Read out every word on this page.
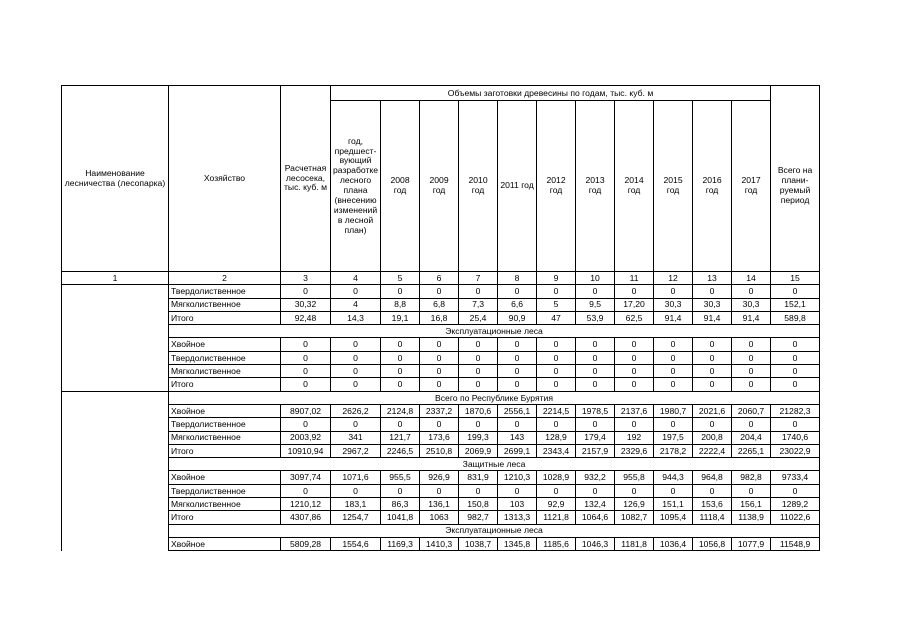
Наименование лесничества (лесопарка)	Хозяйство	Расчетная лесосека, тыс. куб. м	Объемы заготовки древесины по годам, тыс. куб. м											
			год, предшест-вующий разработке лесного плана (внесению изменений в лесной план)	2008 год	2009 год	2010 год	2011 год	2012 год	2013 год	2014 год	2015 год	2016 год	2017 год	Всего на плани-руемый период
1	2	3	4	5	6	7	8	9	10	11	12	13	14	15
	Твердолиственное	0	0	0	0	0	0	0	0	0	0	0	0	0
	Мягколиственное	30,32	4	8,8	6,8	7,3	6,6	5	9,5	17,20	30,3	30,3	30,3	152,1
	Итого	92,48	14,3	19,1	16,8	25,4	90,9	47	53,9	62,5	91,4	91,4	91,4	589,8
	Эксплуатационные леса													
	Хвойное	0	0	0	0	0	0	0	0	0	0	0	0	0
	Твердолиственное	0	0	0	0	0	0	0	0	0	0	0	0	0
	Мягколиственное	0	0	0	0	0	0	0	0	0	0	0	0	0
	Итого	0	0	0	0	0	0	0	0	0	0	0	0	0
	Всего по Республике Бурятия													
	Хвойное	8907,02	2626,2	2124,8	2337,2	1870,6	2556,1	2214,5	1978,5	2137,6	1980,7	2021,6	2060,7	21282,3
	Твердолиственное	0	0	0	0	0	0	0	0	0	0	0	0	0
	Мягколиственное	2003,92	341	121,7	173,6	199,3	143	128,9	179,4	192	197,5	200,8	204,4	1740,6
	Итого	10910,94	2967,2	2246,5	2510,8	2069,9	2699,1	2343,4	2157,9	2329,6	2178,2	2222,4	2265,1	23022,9
	Защитные леса													
	Хвойное	3097,74	1071,6	955,5	926,9	831,9	1210,3	1028,9	932,2	955,8	944,3	964,8	982,8	9733,4
	Твердолиственное	0	0	0	0	0	0	0	0	0	0	0	0	0
	Мягколиственное	1210,12	183,1	86,3	136,1	150,8	103	92,9	132,4	126,9	151,1	153,6	156,1	1289,2
	Итого	4307,86	1254,7	1041,8	1063	982,7	1313,3	1121,8	1064,6	1082,7	1095,4	1118,4	1138,9	11022,6
	Эксплуатационные леса													
	Хвойное	5809,28	1554,6	1169,3	1410,3	1038,7	1345,8	1185,6	1046,3	1181,8	1036,4	1056,8	1077,9	11548,9
